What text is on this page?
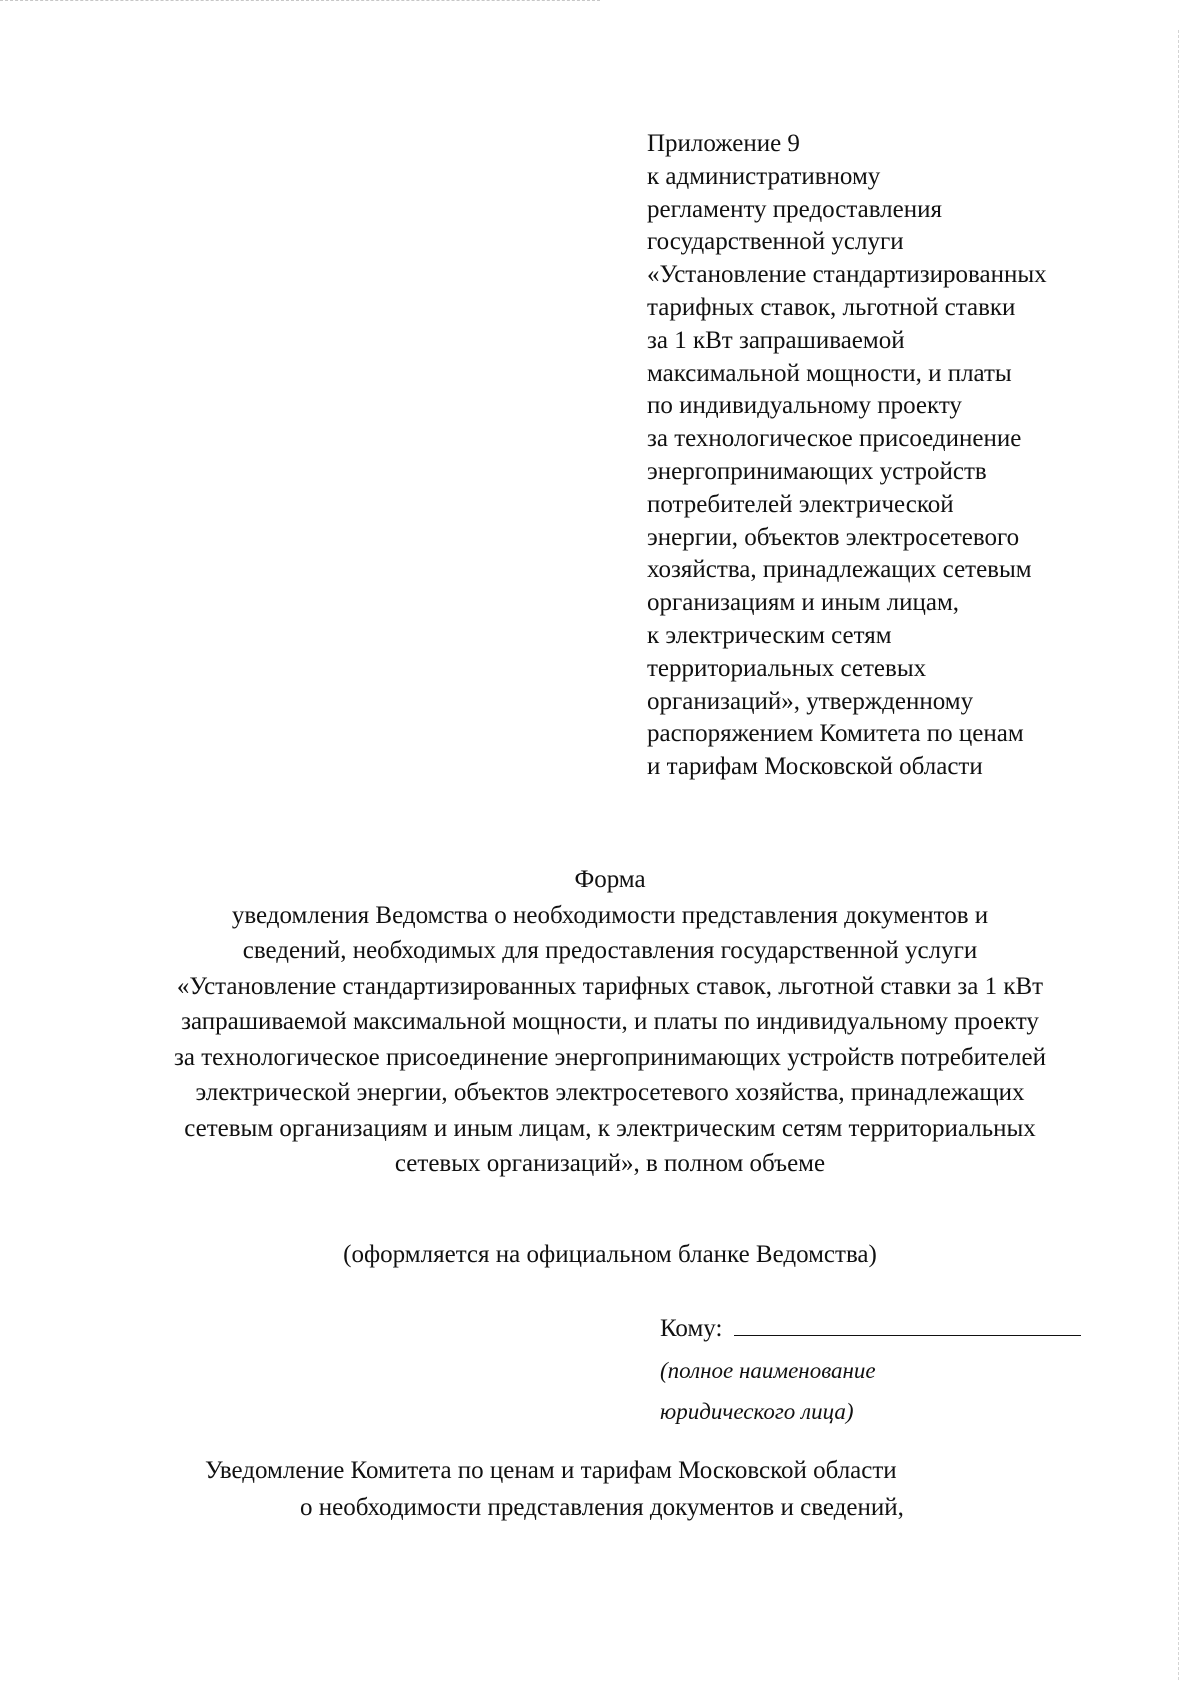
Приложение 9
к административному
регламенту предоставления
государственной услуги
«Установление стандартизированных
тарифных ставок, льготной ставки
за 1 кВт запрашиваемой
максимальной мощности, и платы
по индивидуальному проекту
за технологическое присоединение
энергопринимающих устройств
потребителей электрической
энергии, объектов электросетевого
хозяйства, принадлежащих сетевым
организациям и иным лицам,
к электрическим сетям
территориальных сетевых
организаций», утвержденному
распоряжением Комитета по ценам
и тарифам Московской области
Форма
уведомления Ведомства о необходимости представления документов и
сведений, необходимых для предоставления государственной услуги
«Установление стандартизированных тарифных ставок, льготной ставки за 1 кВт
запрашиваемой максимальной мощности, и платы по индивидуальному проекту
за технологическое присоединение энергопринимающих устройств потребителей
электрической энергии, объектов электросетевого хозяйства, принадлежащих
сетевым организациям и иным лицам, к электрическим сетям территориальных
сетевых организаций», в полном объеме
(оформляется на официальном бланке Ведомства)
Кому:
(полное наименование
юридического лица)
Уведомление Комитета по ценам и тарифам Московской области
о необходимости представления документов и сведений,
